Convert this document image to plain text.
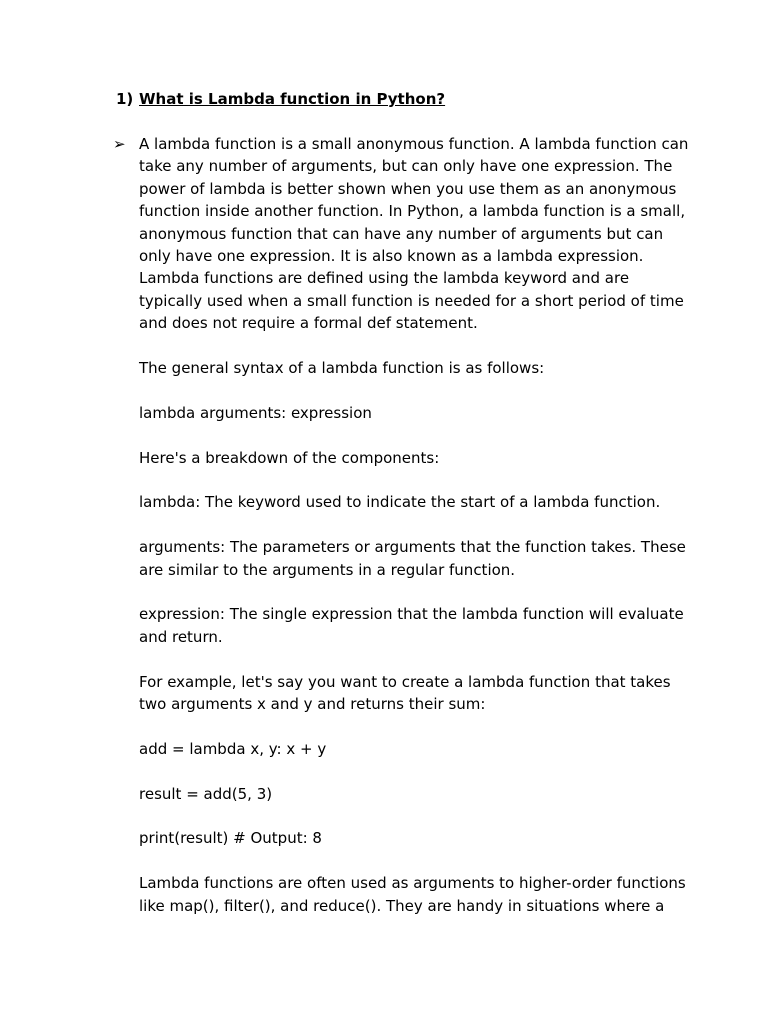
1) What is Lambda function in Python?
➢ A lambda function is a small anonymous function. A lambda function can
take any number of arguments, but can only have one expression. The
power of lambda is better shown when you use them as an anonymous
function inside another function. In Python, a lambda function is a small,
anonymous function that can have any number of arguments but can
only have one expression. It is also known as a lambda expression.
Lambda functions are defined using the lambda keyword and are
typically used when a small function is needed for a short period of time
and does not require a formal def statement.

The general syntax of a lambda function is as follows:

lambda arguments: expression

Here's a breakdown of the components:

lambda: The keyword used to indicate the start of a lambda function.

arguments: The parameters or arguments that the function takes. These
are similar to the arguments in a regular function.

expression: The single expression that the lambda function will evaluate
and return.

For example, let's say you want to create a lambda function that takes
two arguments x and y and returns their sum:

add = lambda x, y: x + y

result = add(5, 3)

print(result) # Output: 8

Lambda functions are often used as arguments to higher-order functions
like map(), filter(), and reduce(). They are handy in situations where a
